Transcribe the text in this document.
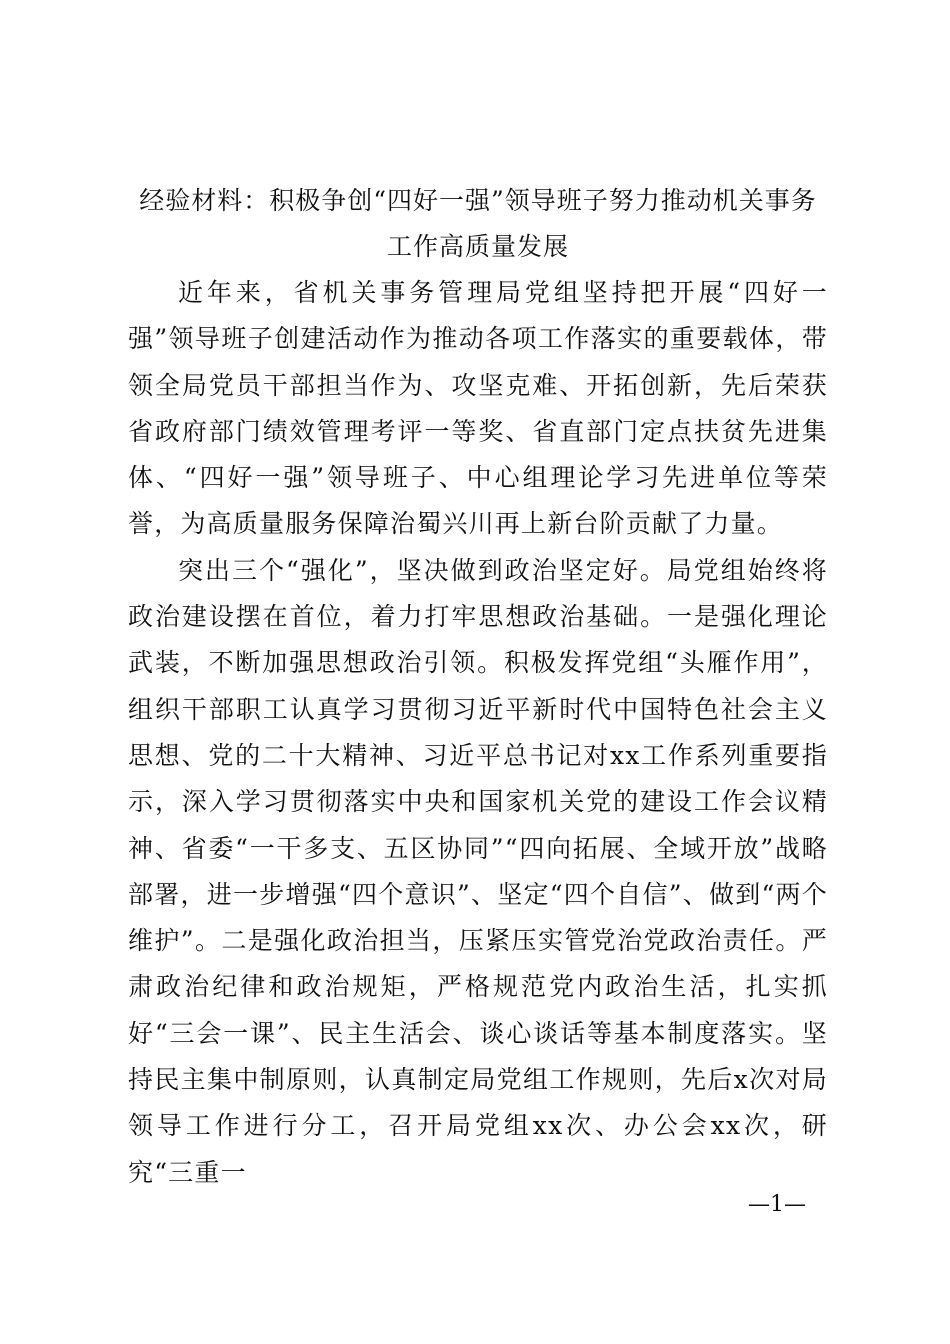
经验材料：积极争创“四好一强”领导班子努力推动机关事务工作高质量发展

近年来，省机关事务管理局党组坚持把开展“四好一强”领导班子创建活动作为推动各项工作落实的重要载体，带领全局党员干部担当作为、攻坚克难、开拓创新，先后荣获省政府部门绩效管理考评一等奖、省直部门定点扶贫先进集体、“四好一强”领导班子、中心组理论学习先进单位等荣誉，为高质量服务保障治蜀兴川再上新台阶贡献了力量。

突出三个“强化”，坚决做到政治坚定好。局党组始终将政治建设摆在首位，着力打牢思想政治基础。一是强化理论武装，不断加强思想政治引领。积极发挥党组“头雁作用”，组织干部职工认真学习贯彻习近平新时代中国特色社会主义思想、党的二十大精神、习近平总书记对xx工作系列重要指示，深入学习贯彻落实中央和国家机关党的建设工作会议精神、省委“一干多支、五区协同”“四向拓展、全域开放”战略部署，进一步增强“四个意识”、坚定“四个自信”、做到“两个维护”。二是强化政治担当，压紧压实管党治党政治责任。严肃政治纪律和政治规矩，严格规范党内政治生活，扎实抓好“三会一课”、民主生活会、谈心谈话等基本制度落实。坚持民主集中制原则，认真制定局党组工作规则，先后x次对局领导工作进行分工，召开局党组xx次、办公会xx次，研究“三重一

—1—
